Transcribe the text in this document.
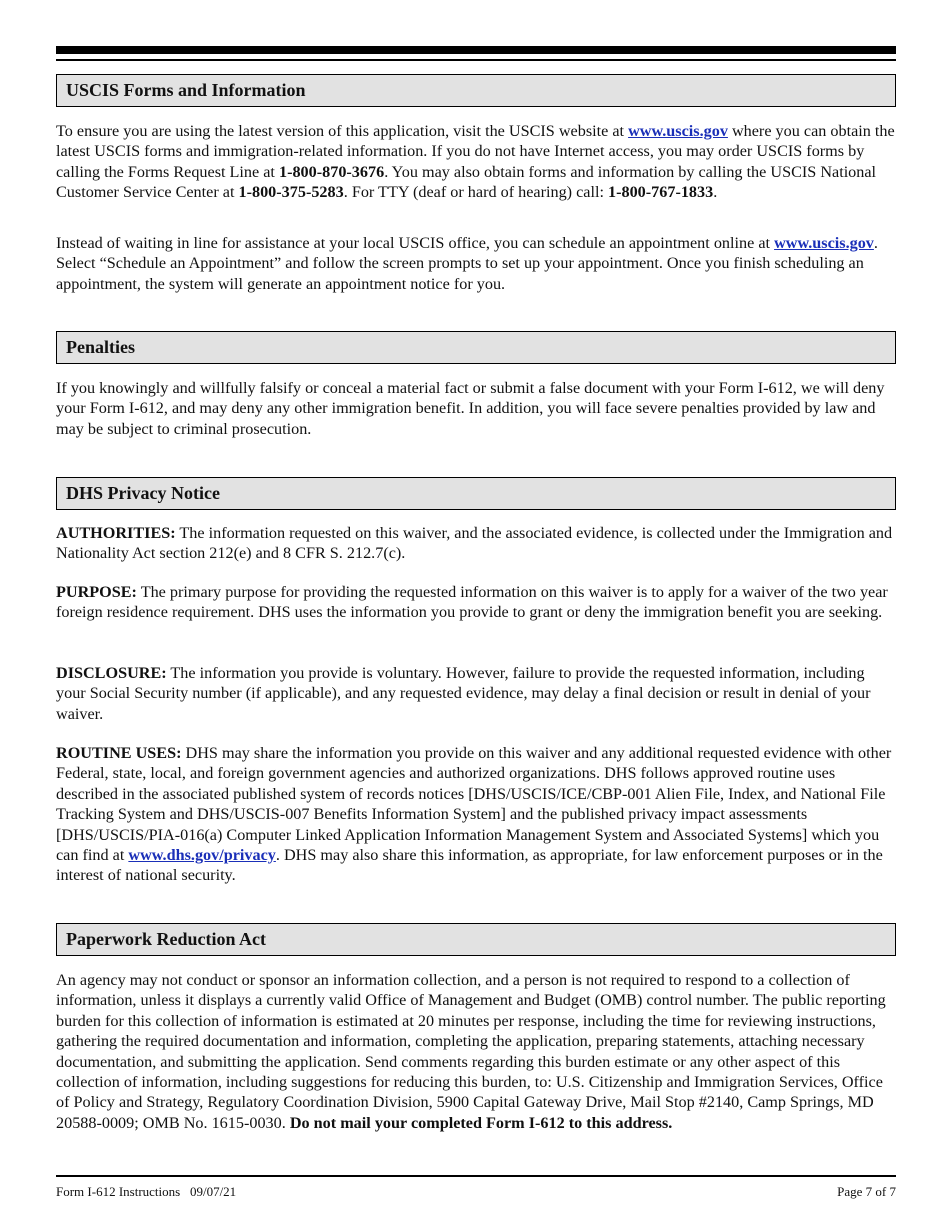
USCIS Forms and Information

To ensure you are using the latest version of this application, visit the USCIS website at www.uscis.gov where you can obtain the latest USCIS forms and immigration-related information. If you do not have Internet access, you may order USCIS forms by calling the Forms Request Line at 1-800-870-3676. You may also obtain forms and information by calling the USCIS National Customer Service Center at 1-800-375-5283. For TTY (deaf or hard of hearing) call: 1-800-767-1833.

Instead of waiting in line for assistance at your local USCIS office, you can schedule an appointment online at www.uscis.gov. Select “Schedule an Appointment” and follow the screen prompts to set up your appointment. Once you finish scheduling an appointment, the system will generate an appointment notice for you.

Penalties

If you knowingly and willfully falsify or conceal a material fact or submit a false document with your Form I-612, we will deny your Form I-612, and may deny any other immigration benefit. In addition, you will face severe penalties provided by law and may be subject to criminal prosecution.

DHS Privacy Notice

AUTHORITIES: The information requested on this waiver, and the associated evidence, is collected under the Immigration and Nationality Act section 212(e) and 8 CFR S. 212.7(c).

PURPOSE: The primary purpose for providing the requested information on this waiver is to apply for a waiver of the two year foreign residence requirement. DHS uses the information you provide to grant or deny the immigration benefit you are seeking.

DISCLOSURE: The information you provide is voluntary. However, failure to provide the requested information, including your Social Security number (if applicable), and any requested evidence, may delay a final decision or result in denial of your waiver.

ROUTINE USES: DHS may share the information you provide on this waiver and any additional requested evidence with other Federal, state, local, and foreign government agencies and authorized organizations. DHS follows approved routine uses described in the associated published system of records notices [DHS/USCIS/ICE/CBP-001 Alien File, Index, and National File Tracking System and DHS/USCIS-007 Benefits Information System] and the published privacy impact assessments [DHS/USCIS/PIA-016(a) Computer Linked Application Information Management System and Associated Systems] which you can find at www.dhs.gov/privacy. DHS may also share this information, as appropriate, for law enforcement purposes or in the interest of national security.

Paperwork Reduction Act

An agency may not conduct or sponsor an information collection, and a person is not required to respond to a collection of information, unless it displays a currently valid Office of Management and Budget (OMB) control number. The public reporting burden for this collection of information is estimated at 20 minutes per response, including the time for reviewing instructions, gathering the required documentation and information, completing the application, preparing statements, attaching necessary documentation, and submitting the application. Send comments regarding this burden estimate or any other aspect of this collection of information, including suggestions for reducing this burden, to: U.S. Citizenship and Immigration Services, Office of Policy and Strategy, Regulatory Coordination Division, 5900 Capital Gateway Drive, Mail Stop #2140, Camp Springs, MD 20588-0009; OMB No. 1615-0030. Do not mail your completed Form I-612 to this address.

Form I-612 Instructions   09/07/21	Page 7 of 7
